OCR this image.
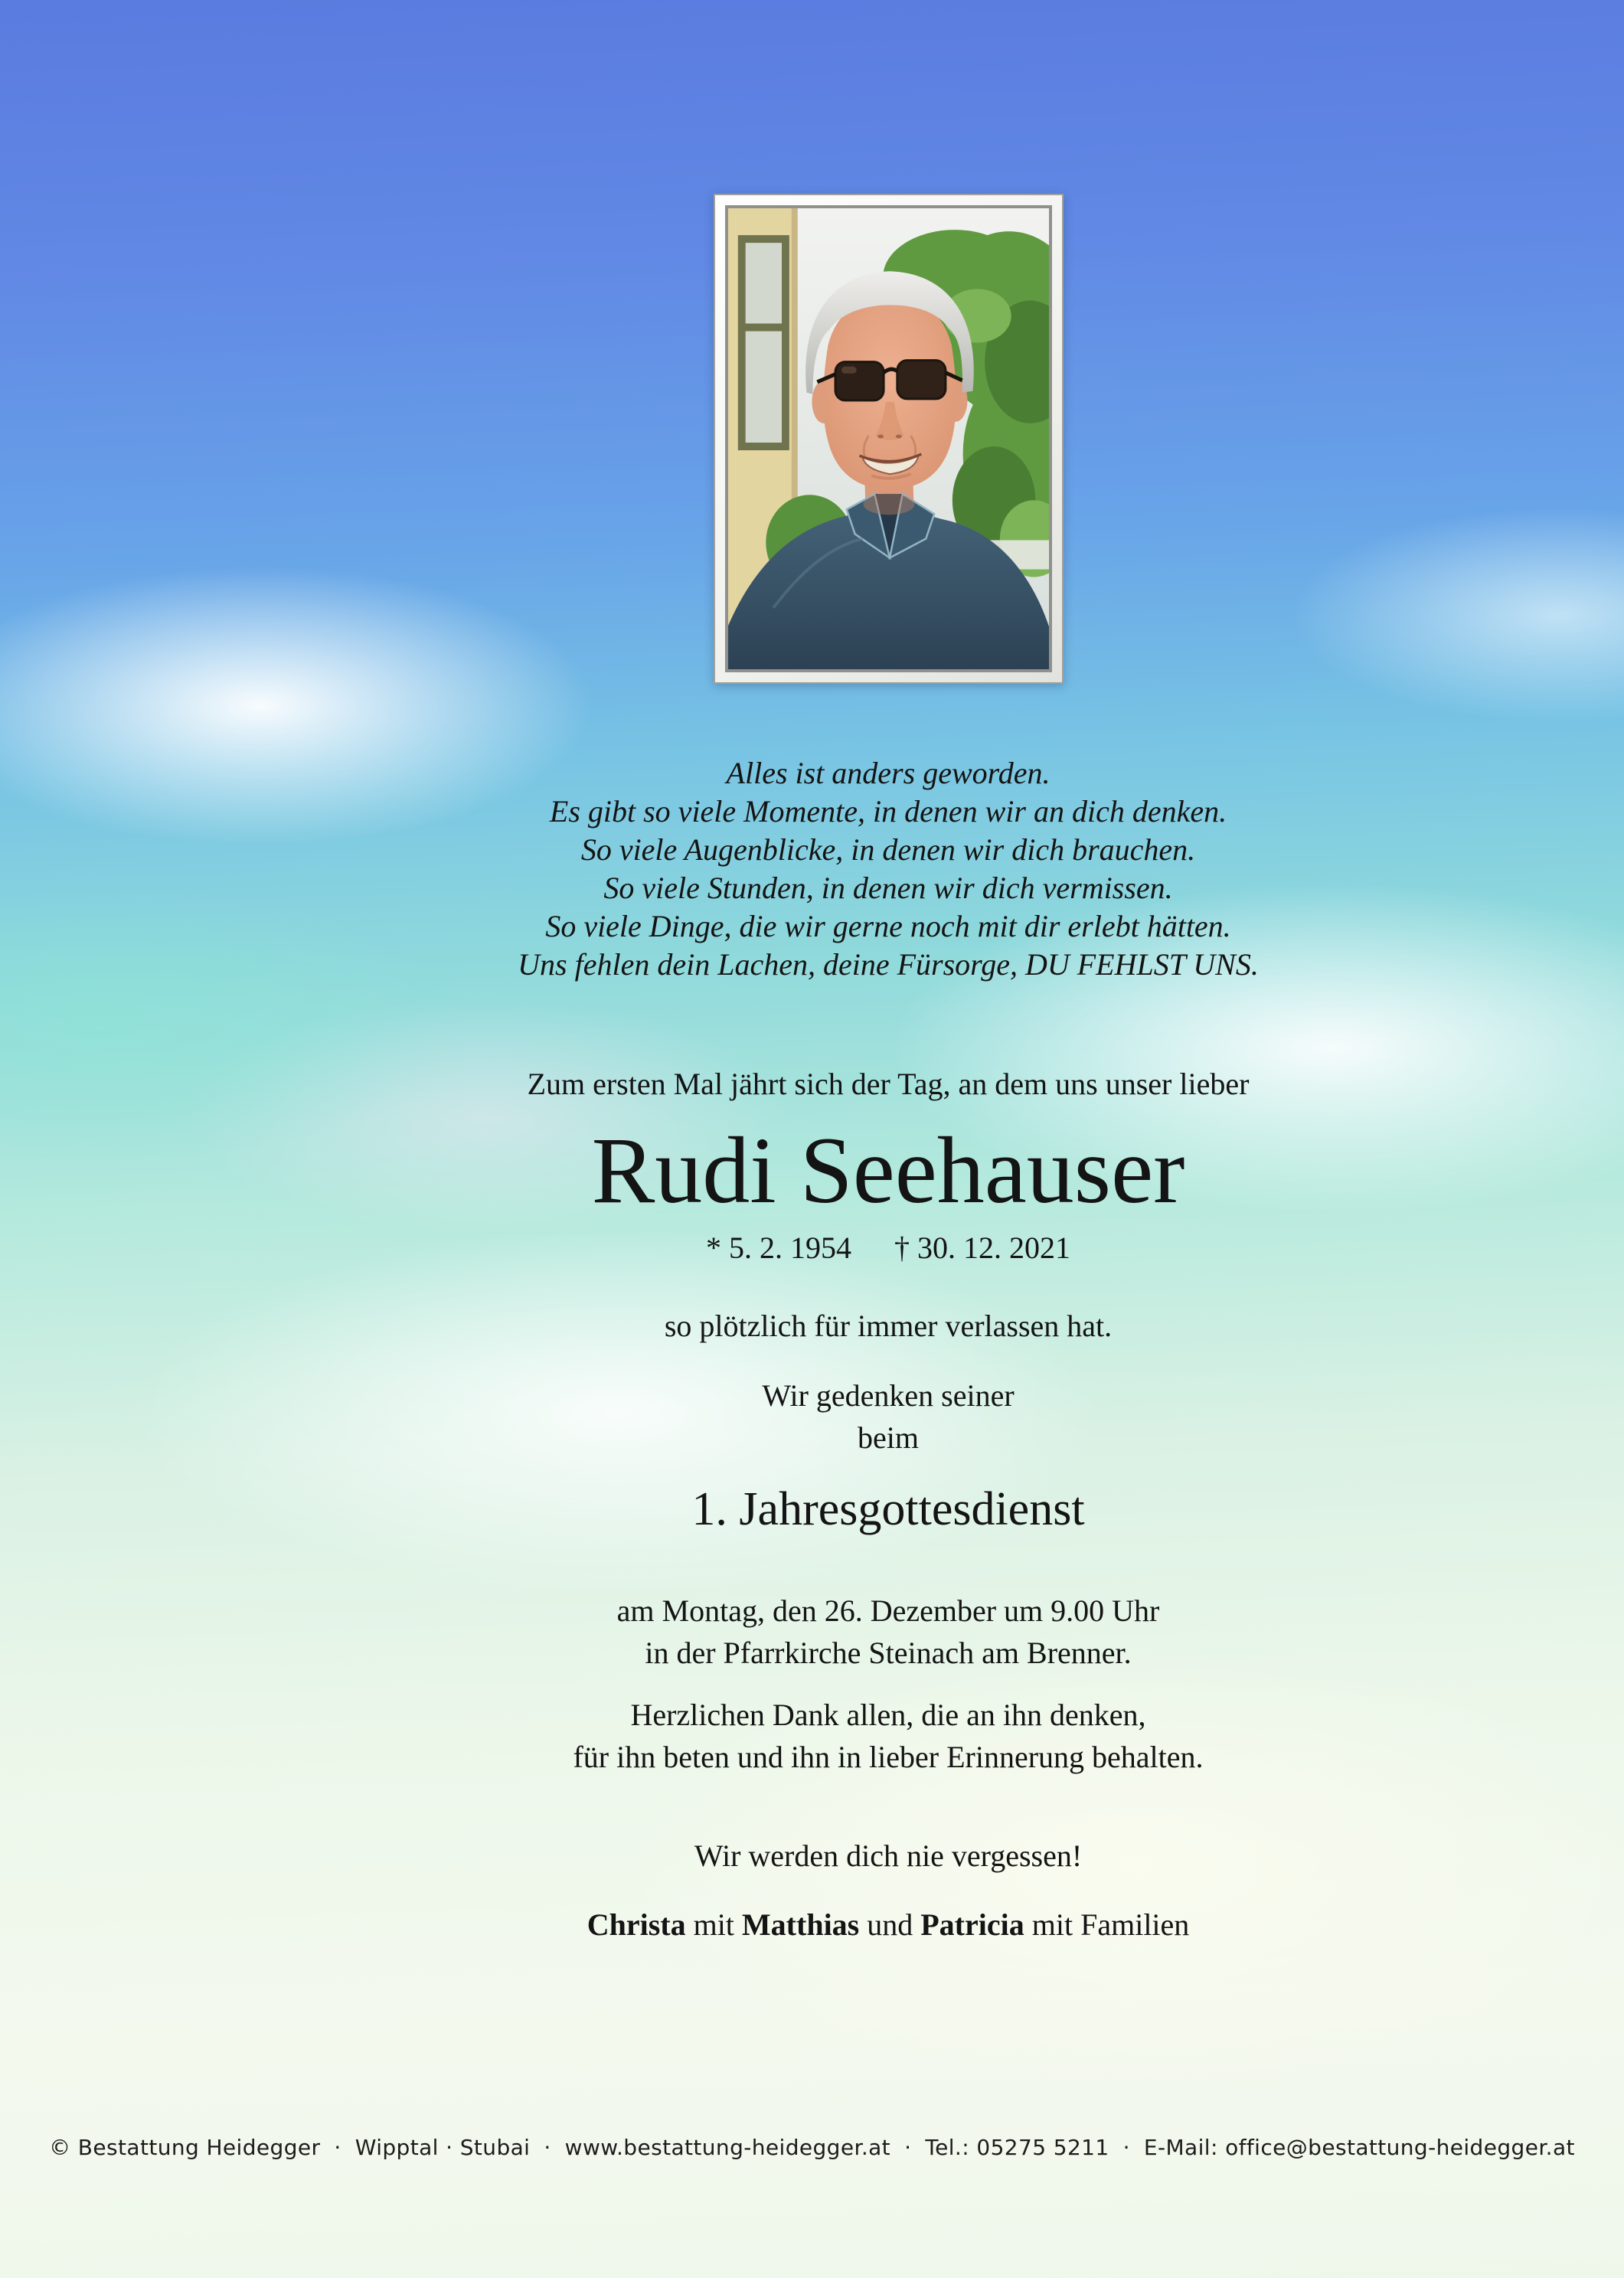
Alles ist anders geworden.
Es gibt so viele Momente, in denen wir an dich denken.
So viele Augenblicke, in denen wir dich brauchen.
So viele Stunden, in denen wir dich vermissen.
So viele Dinge, die wir gerne noch mit dir erlebt hätten.
Uns fehlen dein Lachen, deine Fürsorge, DU FEHLST UNS.
Zum ersten Mal jährt sich der Tag, an dem uns unser lieber
Rudi Seehauser
* 5. 2. 1954 † 30. 12. 2021
so plötzlich für immer verlassen hat.
Wir gedenken seiner
beim
1. Jahresgottesdienst
am Montag, den 26. Dezember um 9.00 Uhr
in der Pfarrkirche Steinach am Brenner.
Herzlichen Dank allen, die an ihn denken,
für ihn beten und ihn in lieber Erinnerung behalten.
Wir werden dich nie vergessen!
Christa mit Matthias und Patricia mit Familien
© Bestattung Heidegger · Wipptal · Stubai · www.bestattung-heidegger.at · Tel.: 05275 5211 · E-Mail: office@bestattung-heidegger.at
